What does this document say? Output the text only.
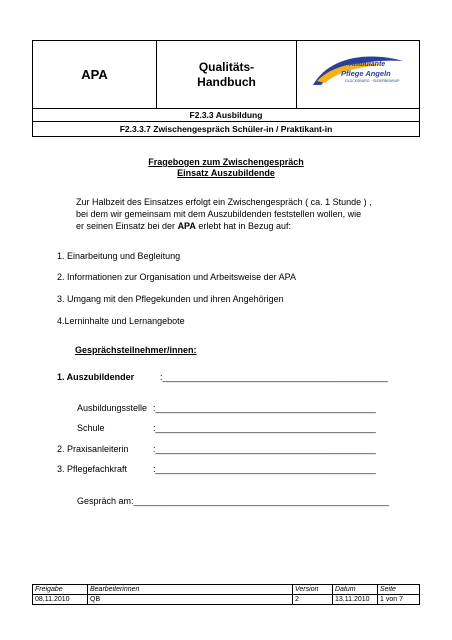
APA
Qualitäts-
Handbuch
Ambulante
Pflege Angeln
GLÜCKSBURG · SÜDERBRARUP
F2.3.3 Ausbildung
F2.3.3.7 Zwischengespräch Schüler-in / Praktikant-in
Fragebogen zum Zwischengespräch
Einsatz Auszubildende
Zur Halbzeit des Einsatzes erfolgt ein Zwischengespräch ( ca. 1 Stunde ) ,
bei dem wir gemeinsam mit dem Auszubildenden feststellen wollen, wie
er seinen Einsatz bei der APA erlebt hat in Bezug auf:
1. Einarbeitung und Begleitung
2. Informationen zur Organisation und Arbeitsweise der APA
3. Umgang mit den Pflegekunden und ihren Angehörigen
4.Lerninhalte und Lernangebote
Gesprächsteilnehmer/innen:
1. Auszubildender	:_____________________________________________
Ausbildungsstelle :____________________________________________
Schule	:____________________________________________
2. Praxisanleiterin	:____________________________________________
3. Pflegefachkraft	:____________________________________________
Gespräch am:___________________________________________________
Freigabe	Bearbeiterinnen	Version	Datum	Seite
08.11.2010	QB	2	13.11.2010	1 von 7
